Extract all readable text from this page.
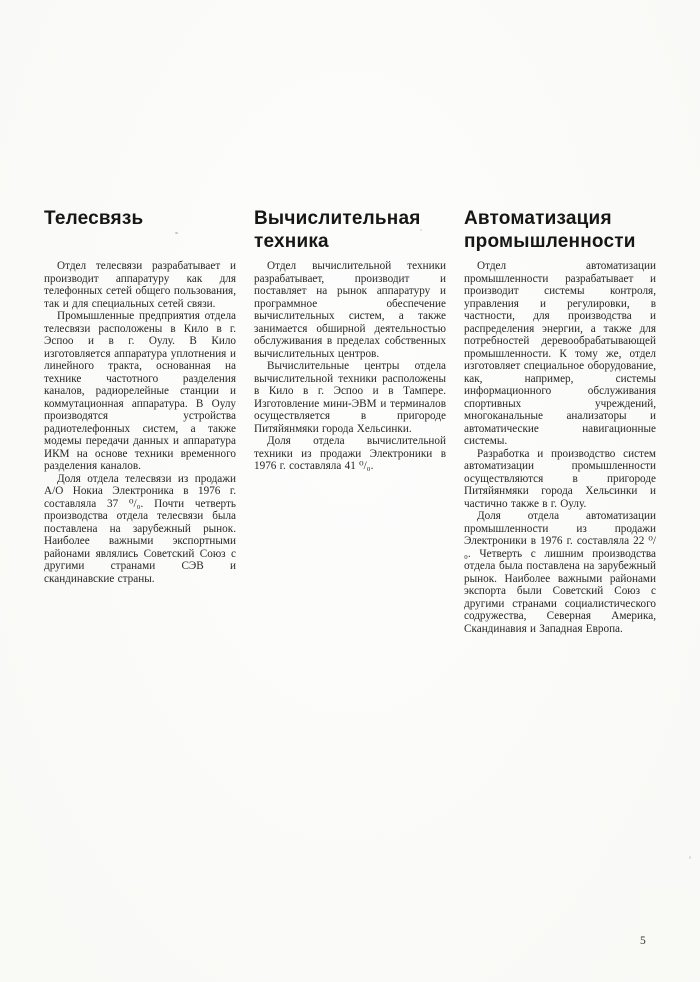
Телесвязь

Отдел телесвязи разрабатывает и производит аппаратуру как для телефонных сетей общего пользования, так и для специальных сетей связи.

Промышленные предприятия отдела телесвязи расположены в Кило в г. Эспоо и в г. Оулу. В Кило изготовляется аппаратура уплотнения и линейного тракта, основанная на технике частотного разделения каналов, радиорелейные станции и коммутационная аппаратура. В Оулу производятся устройства радиотелефонных систем, а также модемы передачи данных и аппаратура ИКМ на основе техники временного разделения каналов.

Доля отдела телесвязи из продажи А/О Нокиа Электроника в 1976 г. составляла 37 ⁰/₀. Почти четверть производства отдела телесвязи была поставлена на зарубежный рынок. Наиболее важными экспортными районами являлись Советский Союз с другими странами СЭВ и скандинавские страны.

Вычислительная техника

Отдел вычислительной техники разрабатывает, производит и поставляет на рынок аппаратуру и программное обеспечение вычислительных систем, а также занимается обширной деятельностью обслуживания в пределах собственных вычислительных центров.

Вычислительные центры отдела вычислительной техники расположены в Кило в г. Эспоо и в Тампере. Изготовление мини-ЭВМ и терминалов осуществляется в пригороде Питяйянмяки города Хельсинки.

Доля отдела вычислительной техники из продажи Электроники в 1976 г. составляла 41 ⁰/₀.

Автоматизация промышленности

Отдел автоматизации промышленности разрабатывает и производит системы контроля, управления и регулировки, в частности, для производства и распределения энергии, а также для потребностей деревообрабатывающей промышленности. К тому же, отдел изготовляет специальное оборудование, как, например, системы информационного обслуживания спортивных учреждений, многоканальные анализаторы и автоматические навигационные системы.

Разработка и производство систем автоматизации промышленности осуществляются в пригороде Питяйянмяки города Хельсинки и частично также в г. Оулу.

Доля отдела автоматизации промышленности из продажи Электроники в 1976 г. составляла 22 ⁰/₀. Четверть с лишним производства отдела была поставлена на зарубежный рынок. Наиболее важными районами экспорта были Советский Союз с другими странами социалистического содружества, Северная Америка, Скандинавия и Западная Европа.

5
